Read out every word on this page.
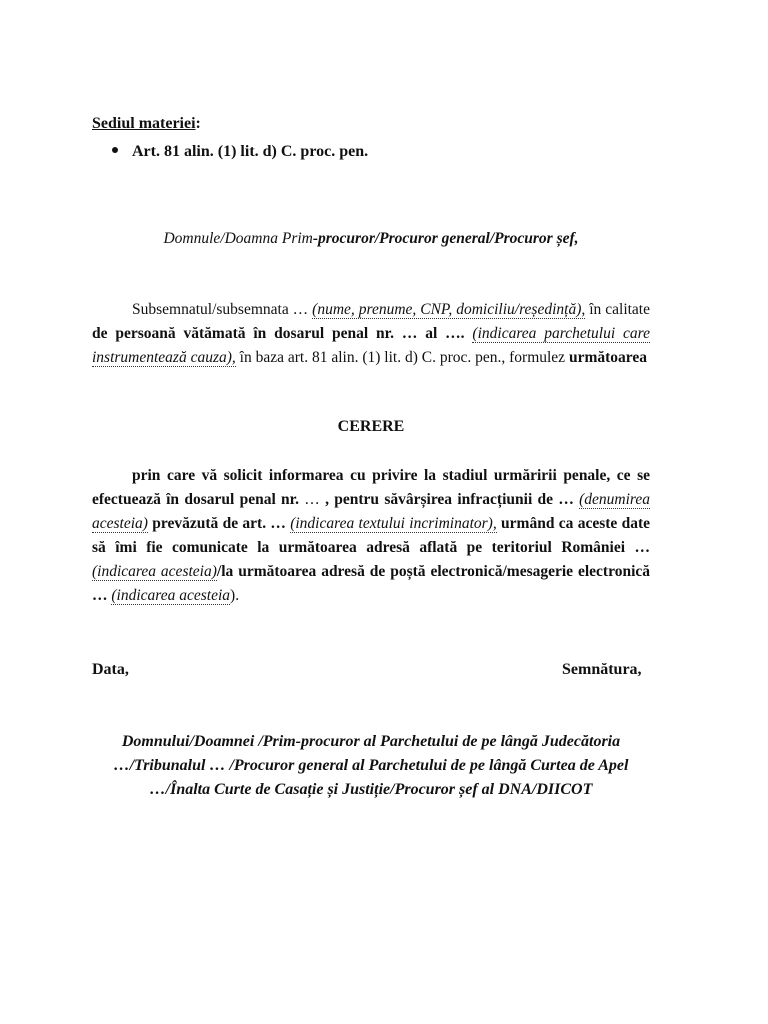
Sediul materiei:
Art. 81 alin. (1) lit. d) C. proc. pen.
Domnule/Doamna Prim-procuror/Procuror general/Procuror șef,
Subsemnatul/subsemnata … (nume, prenume, CNP, domiciliu/reședință), în calitate de persoană vătămată în dosarul penal nr. … al …. (indicarea parchetului care instrumentează cauza), în baza art. 81 alin. (1) lit. d) C. proc. pen., formulez următoarea
CERERE
prin care vă solicit informarea cu privire la stadiul urmăririi penale, ce se efectuează în dosarul penal nr. … , pentru săvârșirea infracțiunii de … (denumirea acesteia) prevăzută de art. … (indicarea textului incriminator), urmând ca aceste date să îmi fie comunicate la următoarea adresă aflată pe teritoriul României … (indicarea acesteia)/la următoarea adresă de poștă electronică/mesagerie electronică … (indicarea acesteia).
Data,	Semnătura,
Domnului/Doamnei /Prim-procuror al Parchetului de pe lângă Judecătoria
…/Tribunalul … /Procuror general al Parchetului de pe lângă Curtea de Apel
…/Înalta Curte de Casație și Justiție/Procuror șef al DNA/DIICOT
